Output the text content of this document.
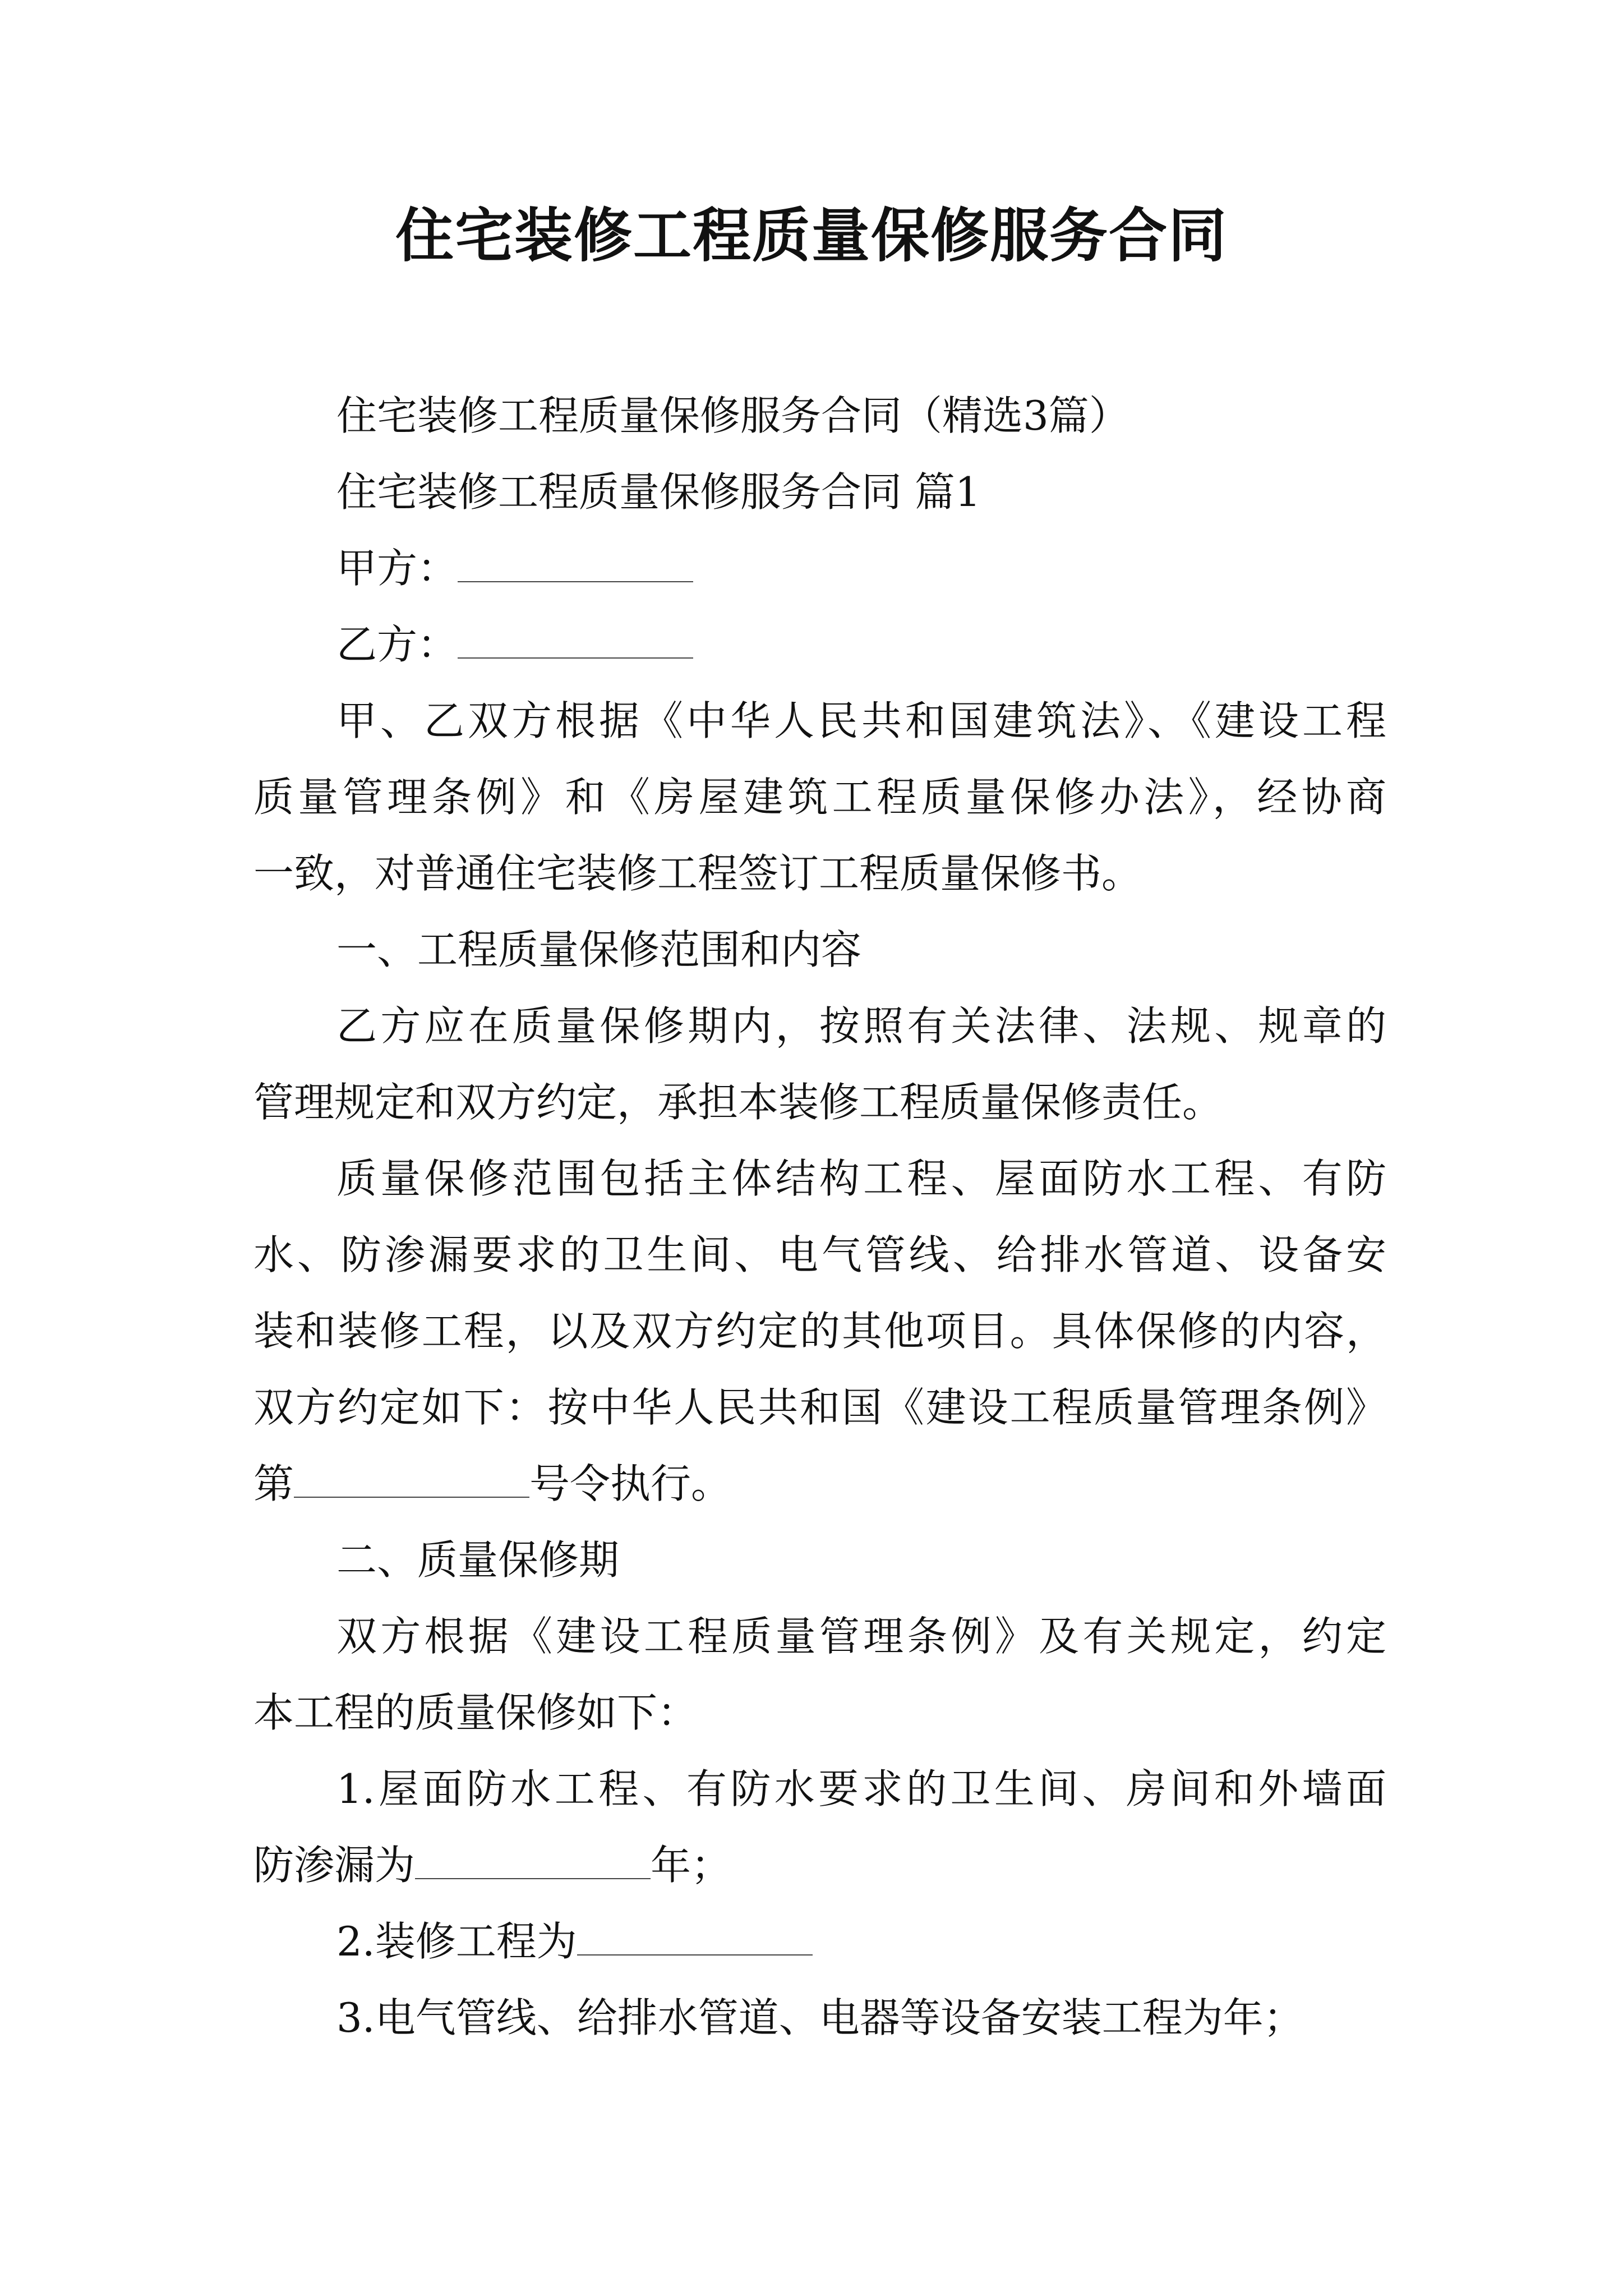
住宅装修工程质量保修服务合同
住宅装修工程质量保修服务合同（精选3篇）
住宅装修工程质量保修服务合同 篇1
甲方：
乙方：
甲、乙双方根据《中华人民共和国建筑法》、《建设工程
质量管理条例》和《房屋建筑工程质量保修办法》，经协商
一致，对普通住宅装修工程签订工程质量保修书。
一、工程质量保修范围和内容
乙方应在质量保修期内，按照有关法律、法规、规章的
管理规定和双方约定，承担本装修工程质量保修责任。
质量保修范围包括主体结构工程、屋面防水工程、有防
水、防渗漏要求的卫生间、电气管线、给排水管道、设备安
装和装修工程，以及双方约定的其他项目。具体保修的内容，
双方约定如下：按中华人民共和国《建设工程质量管理条例》
第	号令执行。
二、质量保修期
双方根据《建设工程质量管理条例》及有关规定，约定
本工程的质量保修如下：
1.屋面防水工程、有防水要求的卫生间、房间和外墙面
防渗漏为	年；
2.装修工程为
3.电气管线、给排水管道、电器等设备安装工程为年；
